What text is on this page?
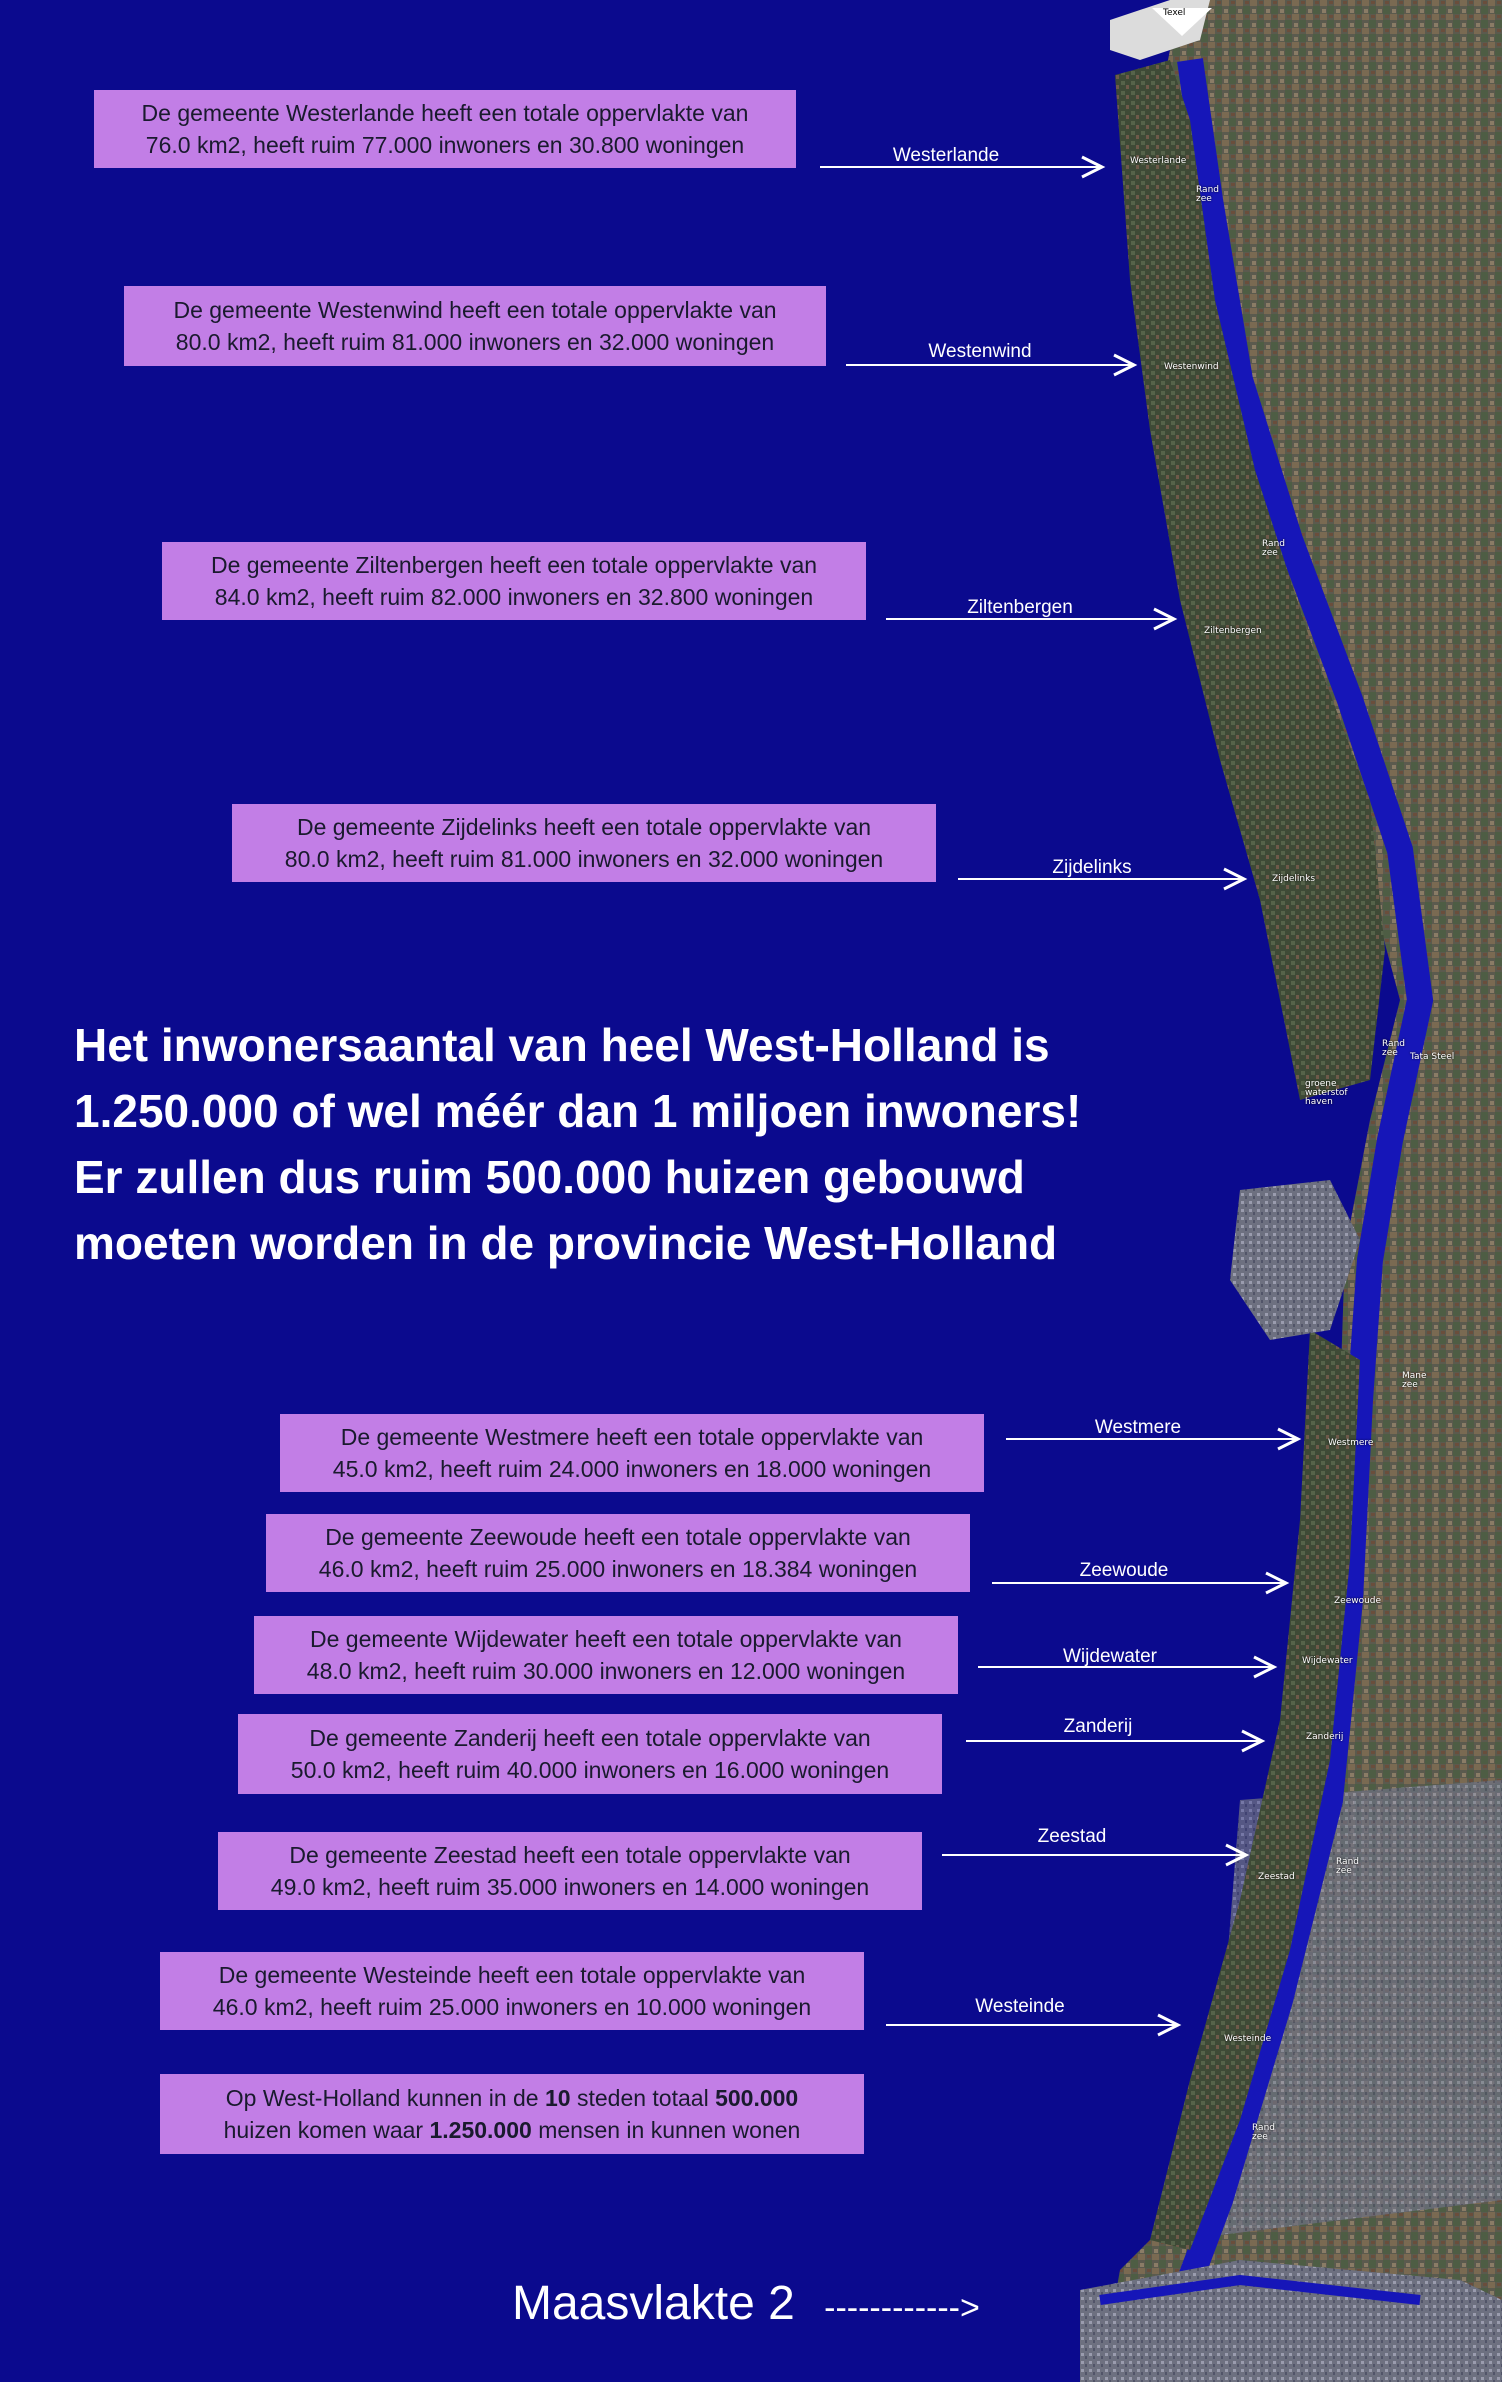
Texel
Rand zee
Rand zee
Rand zee
Mane zee
Rand zee
Rand zee
Tata Steel
groene waterstof haven
Westerlande
Westenwind
Ziltenbergen
Zijdelinks
Westmere
Zeewoude
Wijdewater
Zanderij
Zeestad
Westeinde
De gemeente Westerlande heeft een totale oppervlakte van
76.0 km2, heeft ruim 77.000 inwoners en 30.800 woningen	Westerlande
De gemeente Westenwind heeft een totale oppervlakte van
80.0 km2, heeft ruim 81.000 inwoners en 32.000 woningen	Westenwind
De gemeente Ziltenbergen heeft een totale oppervlakte van
84.0 km2, heeft ruim 82.000 inwoners en 32.800 woningen	Ziltenbergen
De gemeente Zijdelinks heeft een totale oppervlakte van
80.0 km2, heeft ruim 81.000 inwoners en 32.000 woningen	Zijdelinks
Het inwonersaantal van heel West-Holland is
1.250.000 of wel méér dan 1 miljoen inwoners!
Er zullen dus ruim 500.000 huizen gebouwd
moeten worden in de provincie West-Holland
De gemeente Westmere heeft een totale oppervlakte van
45.0 km2, heeft ruim 24.000 inwoners en 18.000 woningen
Westmere
De gemeente Zeewoude heeft een totale oppervlakte van
46.0 km2, heeft ruim 25.000 inwoners en 18.384 woningen	Zeewoude
De gemeente Wijdewater heeft een totale oppervlakte van
48.0 km2, heeft ruim 30.000 inwoners en 12.000 woningen
Wijdewater
De gemeente Zanderij heeft een totale oppervlakte van
50.0 km2, heeft ruim 40.000 inwoners en 16.000 woningen
Zanderij
De gemeente Zeestad heeft een totale oppervlakte van
49.0 km2, heeft ruim 35.000 inwoners en 14.000 woningen
Zeestad
De gemeente Westeinde heeft een totale oppervlakte van
46.0 km2, heeft ruim 25.000 inwoners en 10.000 woningen	Westeinde
Op West-Holland kunnen in de 10 steden totaal 500.000
huizen komen waar 1.250.000 mensen in kunnen wonen
Maasvlakte 2 ------------>
